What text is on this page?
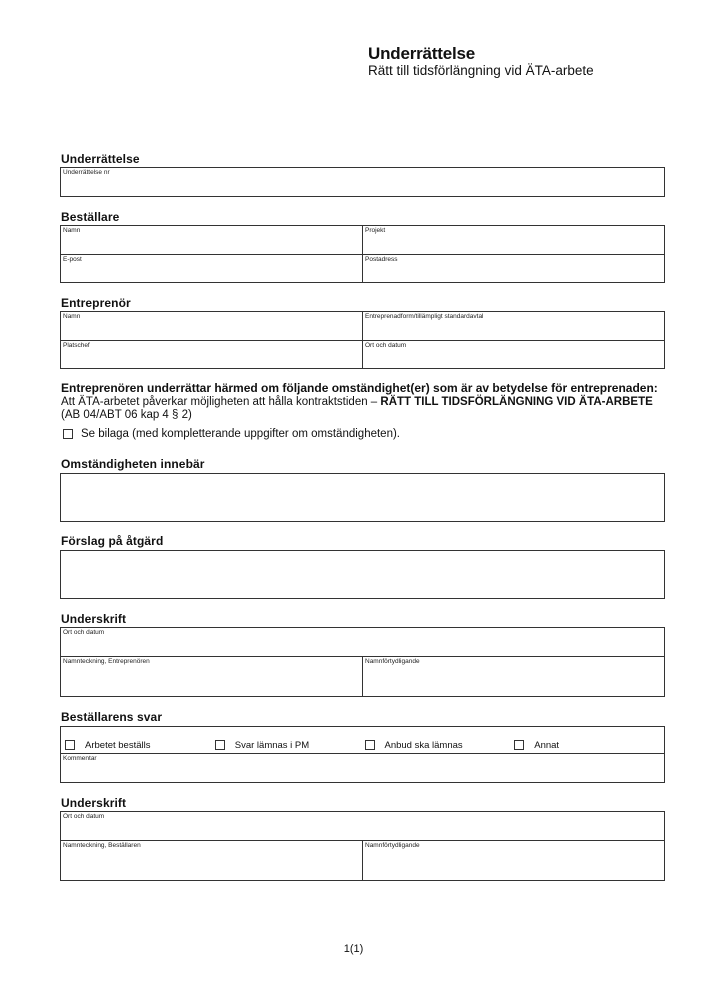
Underrättelse
Rätt till tidsförlängning vid ÄTA-arbete
Underrättelse
Underrättelse nr
Beställare
Namn	Projekt
E-post	Postadress
Entreprenör
Namn	Entreprenadform/tillämpligt standardavtal
Platschef	Ort och datum
Entreprenören underrättar härmed om följande omständighet(er) som är av betydelse för entreprenaden:
Att ÄTA-arbetet påverkar möjligheten att hålla kontraktstiden – RÄTT TILL TIDSFÖRLÄNGNING VID ÄTA-ARBETE (AB 04/ABT 06 kap 4 § 2)
Se bilaga (med kompletterande uppgifter om omständigheten).
Omständigheten innebär
Förslag på åtgärd
Underskrift
Ort och datum
Namnteckning, Entreprenören	Namnförtydligande
Beställarens svar
Arbetet beställs	Svar lämnas i PM	Anbud ska lämnas	Annat
Kommentar
Underskrift
Ort och datum
Namnteckning, Beställaren	Namnförtydligande
1(1)
